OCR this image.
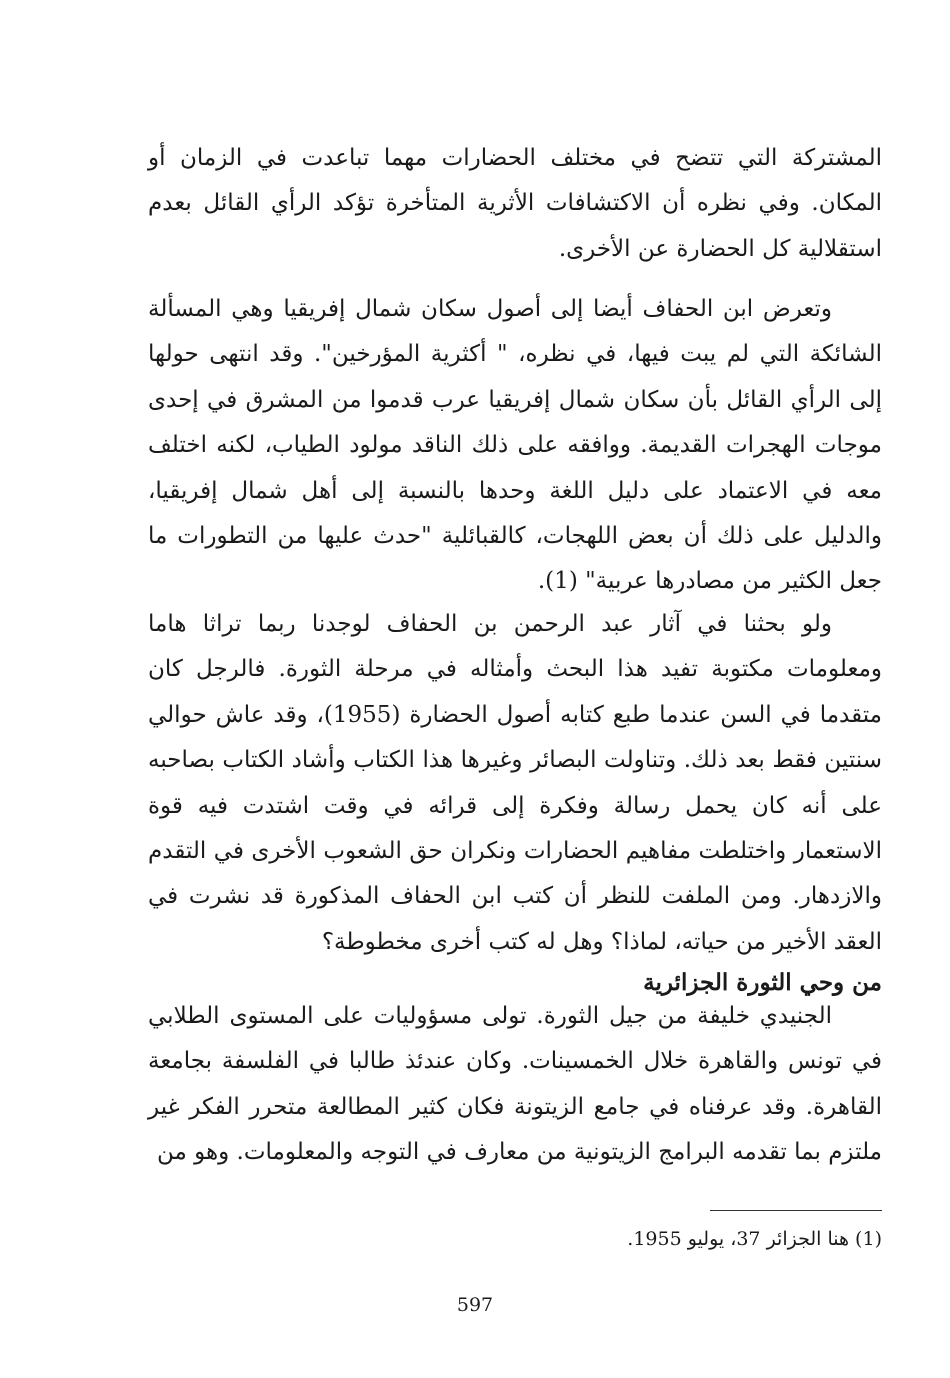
المشتركة التي تتضح في مختلف الحضارات مهما تباعدت في الزمان أو المكان. وفي نظره أن الاكتشافات الأثرية المتأخرة تؤكد الرأي القائل بعدم استقلالية كل الحضارة عن الأخرى.

وتعرض ابن الحفاف أيضا إلى أصول سكان شمال إفريقيا وهي المسألة الشائكة التي لم يبت فيها، في نظره، " أكثرية المؤرخين". وقد انتهى حولها إلى الرأي القائل بأن سكان شمال إفريقيا عرب قدموا من المشرق في إحدى موجات الهجرات القديمة. ووافقه على ذلك الناقد مولود الطياب، لكنه اختلف معه في الاعتماد على دليل اللغة وحدها بالنسبة إلى أهل شمال إفريقيا، والدليل على ذلك أن بعض اللهجات، كالقبائلية "حدث عليها من التطورات ما جعل الكثير من مصادرها عربية" (1).

ولو بحثنا في آثار عبد الرحمن بن الحفاف لوجدنا ربما تراثا هاما ومعلومات مكتوبة تفيد هذا البحث وأمثاله في مرحلة الثورة. فالرجل كان متقدما في السن عندما طبع كتابه أصول الحضارة (1955)، وقد عاش حوالي سنتين فقط بعد ذلك. وتناولت البصائر وغيرها هذا الكتاب وأشاد الكتاب بصاحبه على أنه كان يحمل رسالة وفكرة إلى قرائه في وقت اشتدت فيه قوة الاستعمار واختلطت مفاهيم الحضارات ونكران حق الشعوب الأخرى في التقدم والازدهار. ومن الملفت للنظر أن كتب ابن الحفاف المذكورة قد نشرت في العقد الأخير من حياته، لماذا؟ وهل له كتب أخرى مخطوطة؟

من وحي الثورة الجزائرية

الجنيدي خليفة من جيل الثورة. تولى مسؤوليات على المستوى الطلابي في تونس والقاهرة خلال الخمسينات. وكان عندئذ طالبا في الفلسفة بجامعة القاهرة. وقد عرفناه في جامع الزيتونة فكان كثير المطالعة متحرر الفكر غير ملتزم بما تقدمه البرامج الزيتونية من معارف في التوجه والمعلومات. وهو من

(1) هنا الجزائر 37، يوليو 1955.
597
